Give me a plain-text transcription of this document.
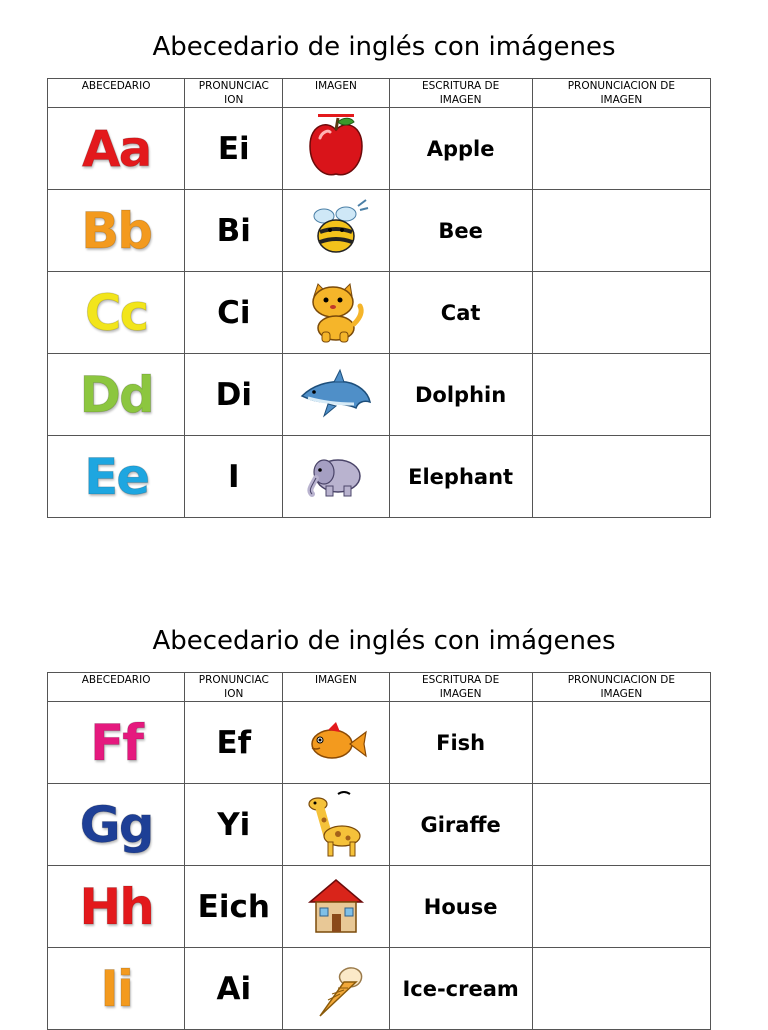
Abecedario de inglés con imágenes
ABECEDARIO	PRONUNCIAC
ION	IMAGEN	ESCRITURA DE
IMAGEN	PRONUNCIACION DE
IMAGEN
Aa	Ei		Apple	
Bb	Bi		Bee	
Cc	Ci		Cat	
Dd	Di		Dolphin	
Ee	I		Elephant	
Abecedario de inglés con imágenes
ABECEDARIO	PRONUNCIAC
ION	IMAGEN	ESCRITURA DE
IMAGEN	PRONUNCIACION DE
IMAGEN
Ff	Ef		Fish	
Gg	Yi		Giraffe	
Hh	Eich		House	
Ii	Ai		Ice-cream	
